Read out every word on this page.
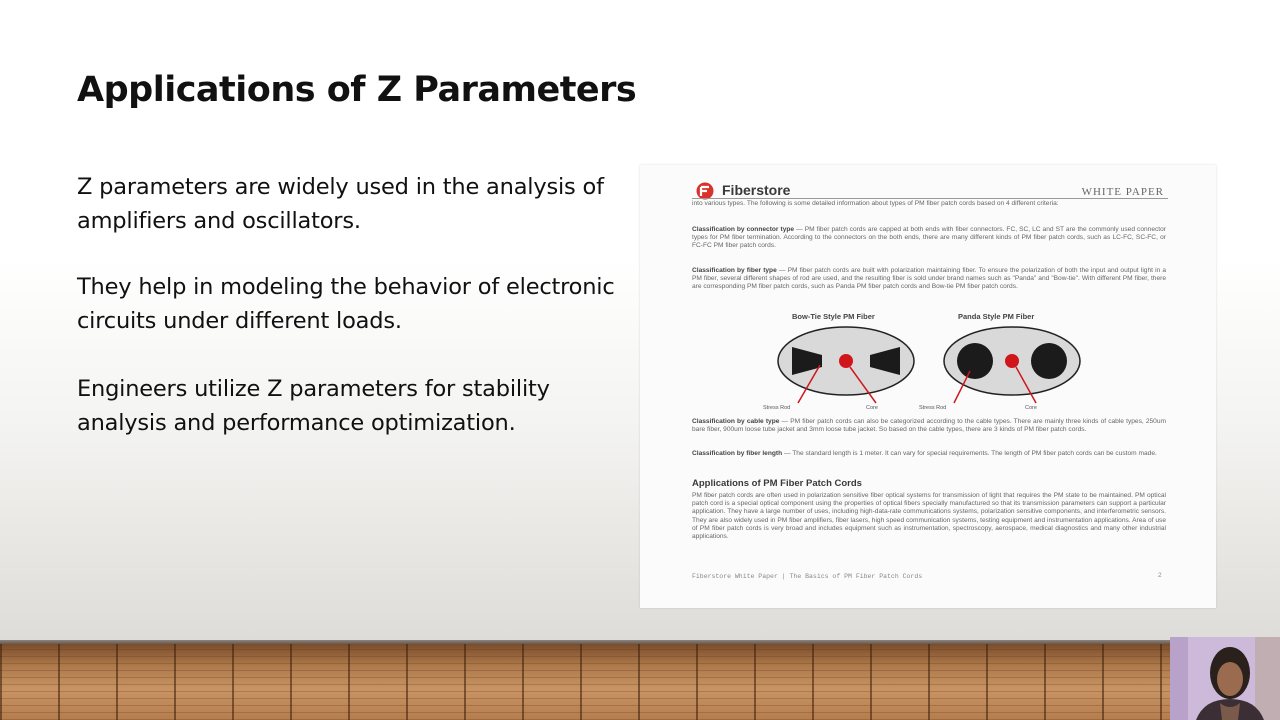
Applications of Z Parameters
Z parameters are widely used in the analysis of amplifiers and oscillators.
They help in modeling the behavior of electronic circuits under different loads.
Engineers utilize Z parameters for stability analysis and performance optimization.
Fiberstore	WHITE PAPER
into various types. The following is some detailed information about types of PM fiber patch cords based on 4 different criteria:
Classification by connector type — PM fiber patch cords are capped at both ends with fiber connectors. FC, SC, LC and ST are the commonly used connector types for PM fiber termination. According to the connectors on the both ends, there are many different kinds of PM fiber patch cords, such as LC-FC, SC-FC, or FC-FC PM fiber patch cords.
Classification by fiber type — PM fiber patch cords are built with polarization maintaining fiber. To ensure the polarization of both the input and output light in a PM fiber, several different shapes of rod are used, and the resulting fiber is sold under brand names such as "Panda" and "Bow-tie". With different PM fiber, there are corresponding PM fiber patch cords, such as Panda PM fiber patch cords and Bow-tie PM fiber patch cords.
Bow-Tie Style PM Fiber	Panda Style PM Fiber
Stress Rod	Core	Stress Rod	Core
Classification by cable type — PM fiber patch cords can also be categorized according to the cable types. There are mainly three kinds of cable types, 250um bare fiber, 900um loose tube jacket and 3mm loose tube jacket. So based on the cable types, there are 3 kinds of PM fiber patch cords.
Classification by fiber length — The standard length is 1 meter. It can vary for special requirements. The length of PM fiber patch cords can be custom made.
Applications of PM Fiber Patch Cords
PM fiber patch cords are often used in polarization sensitive fiber optical systems for transmission of light that requires the PM state to be maintained. PM optical patch cord is a special optical component using the properties of optical fibers specially manufactured so that its transmission parameters can support a particular application. They have a large number of uses, including high-data-rate communications systems, polarization sensitive components, and interferometric sensors. They are also widely used in PM fiber amplifiers, fiber lasers, high speed communication systems, testing equipment and instrumentation applications. Area of use of PM fiber patch cords is very broad and includes equipment such as instrumentation, spectroscopy, aerospace, medical diagnostics and many other industrial applications.
Fiberstore White Paper | The Basics of PM Fiber Patch Cords	2
